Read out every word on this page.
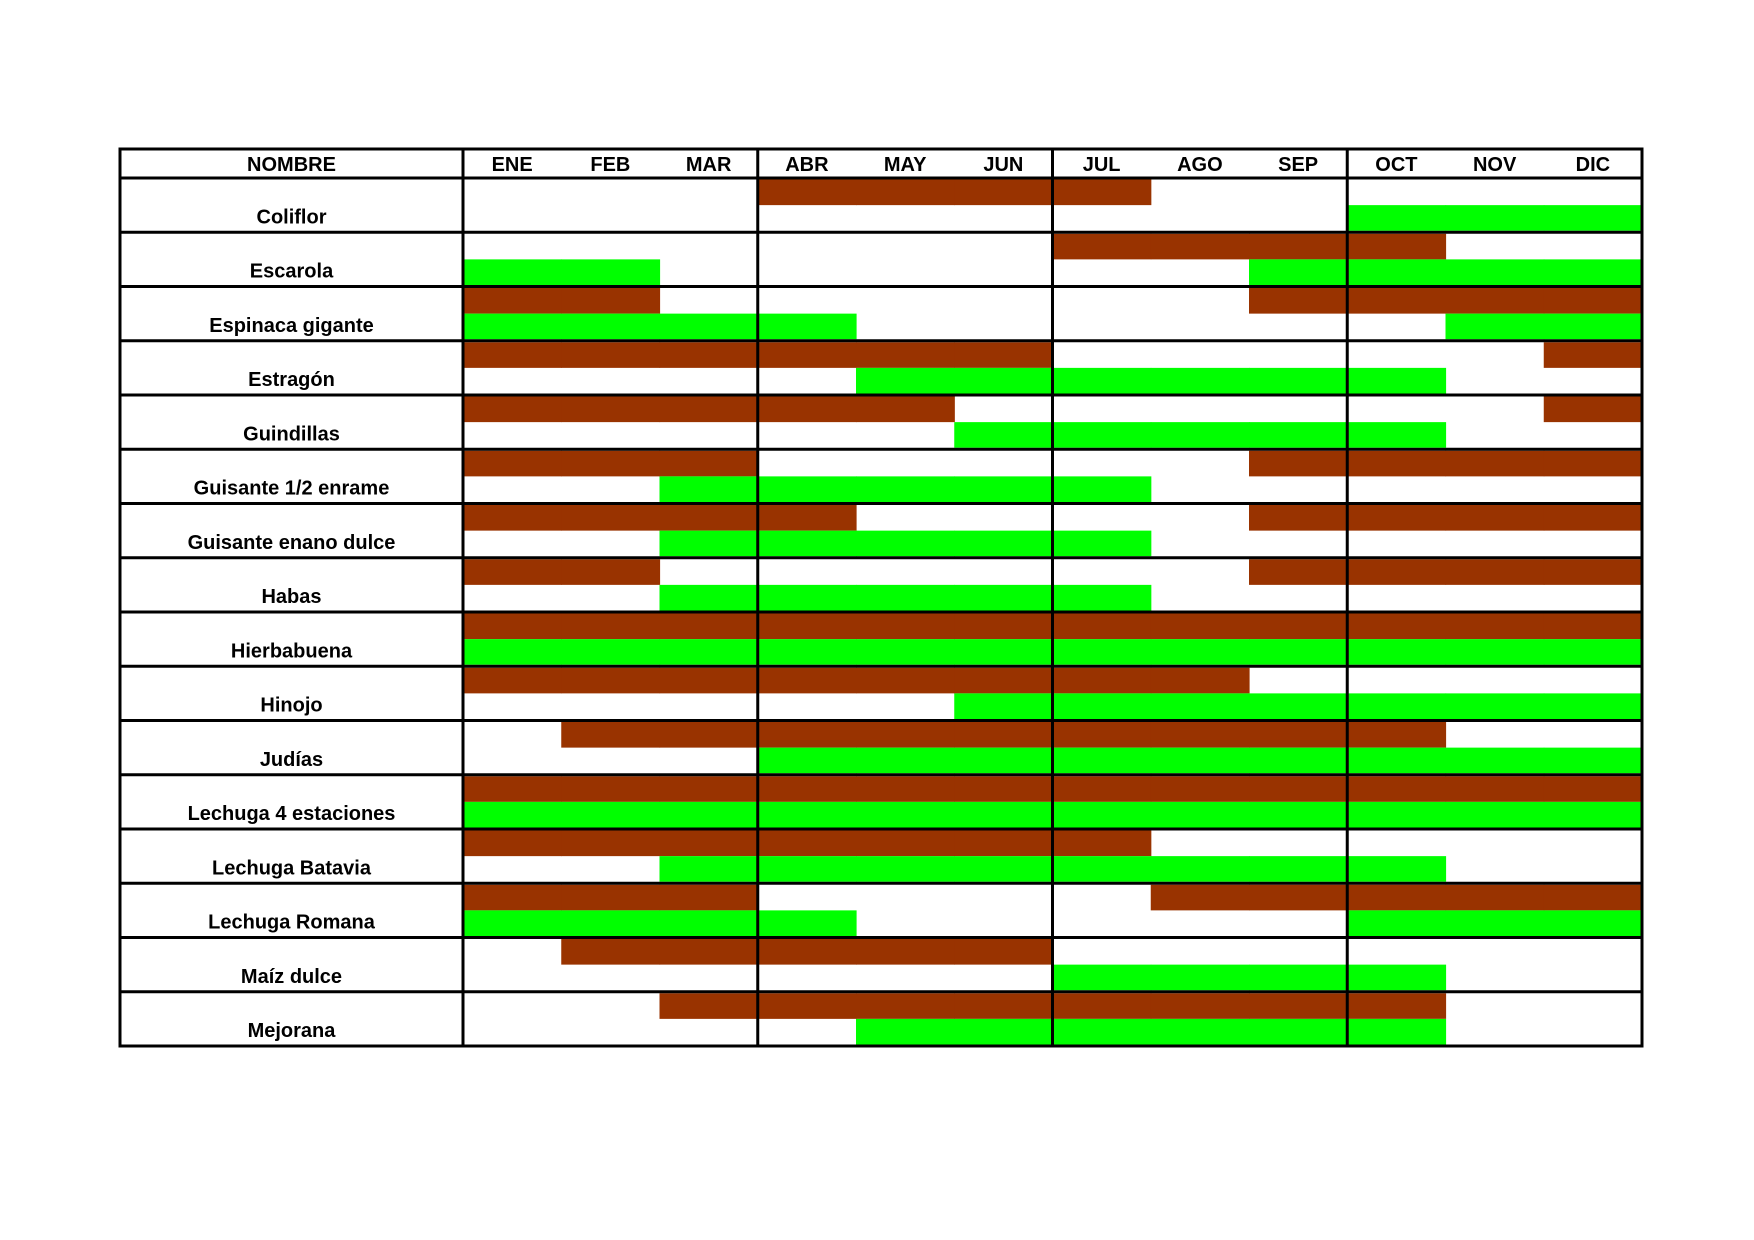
NOMBRE	ENE	FEB	MAR	ABR	MAY	JUN	JUL	AGO	SEP	OCT	NOV	DIC
Coliflor
Escarola
Espinaca gigante
Estragón
Guindillas
Guisante 1/2 enrame
Guisante enano dulce
Habas
Hierbabuena
Hinojo
Judías
Lechuga 4 estaciones
Lechuga Batavia
Lechuga Romana
Maíz dulce
Mejorana
